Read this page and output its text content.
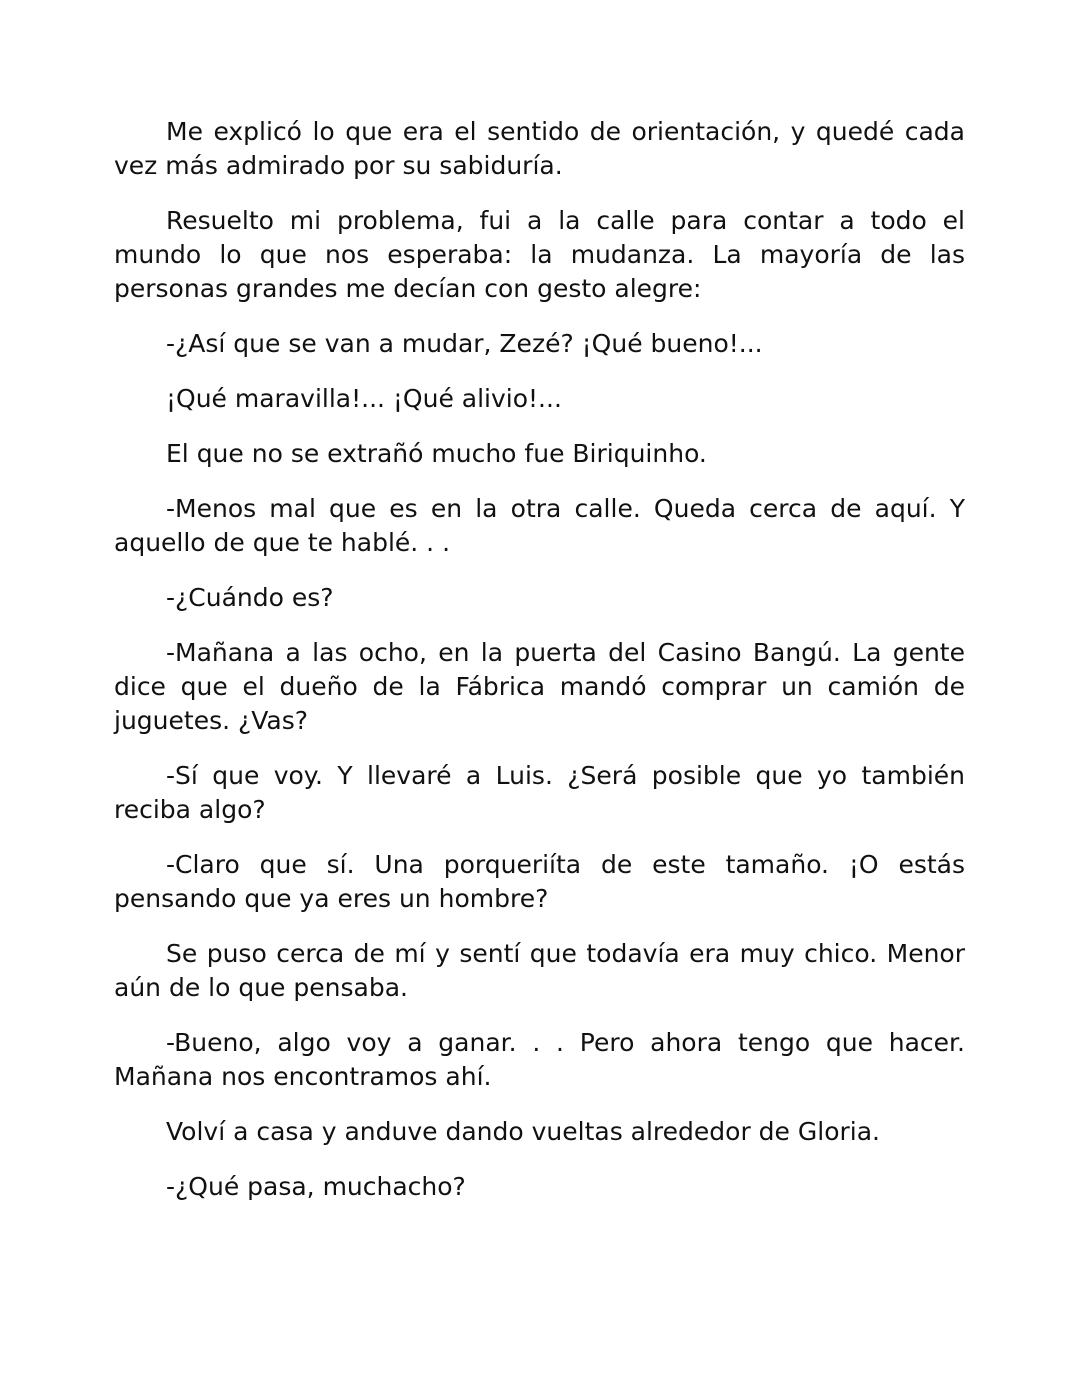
Me explicó lo que era el sentido de orientación, y quedé cada vez más admirado por su sabiduría.

Resuelto mi problema, fui a la calle para contar a todo el mundo lo que nos esperaba: la mudanza. La mayoría de las personas grandes me decían con gesto alegre:

-¿Así que se van a mudar, Zezé? ¡Qué bueno!...

¡Qué maravilla!... ¡Qué alivio!...

El que no se extrañó mucho fue Biriquinho.

-Menos mal que es en la otra calle. Queda cerca de aquí. Y aquello de que te hablé. . .

-¿Cuándo es?

-Mañana a las ocho, en la puerta del Casino Bangú. La gente dice que el dueño de la Fábrica mandó comprar un camión de juguetes. ¿Vas?

-Sí que voy. Y llevaré a Luis. ¿Será posible que yo también reciba algo?

-Claro que sí. Una porqueriíta de este tamaño. ¡O estás pensando que ya eres un hombre?

Se puso cerca de mí y sentí que todavía era muy chico. Menor aún de lo que pensaba.

-Bueno, algo voy a ganar. . . Pero ahora tengo que hacer. Mañana nos encontramos ahí.

Volví a casa y anduve dando vueltas alrededor de Gloria.

-¿Qué pasa, muchacho?
